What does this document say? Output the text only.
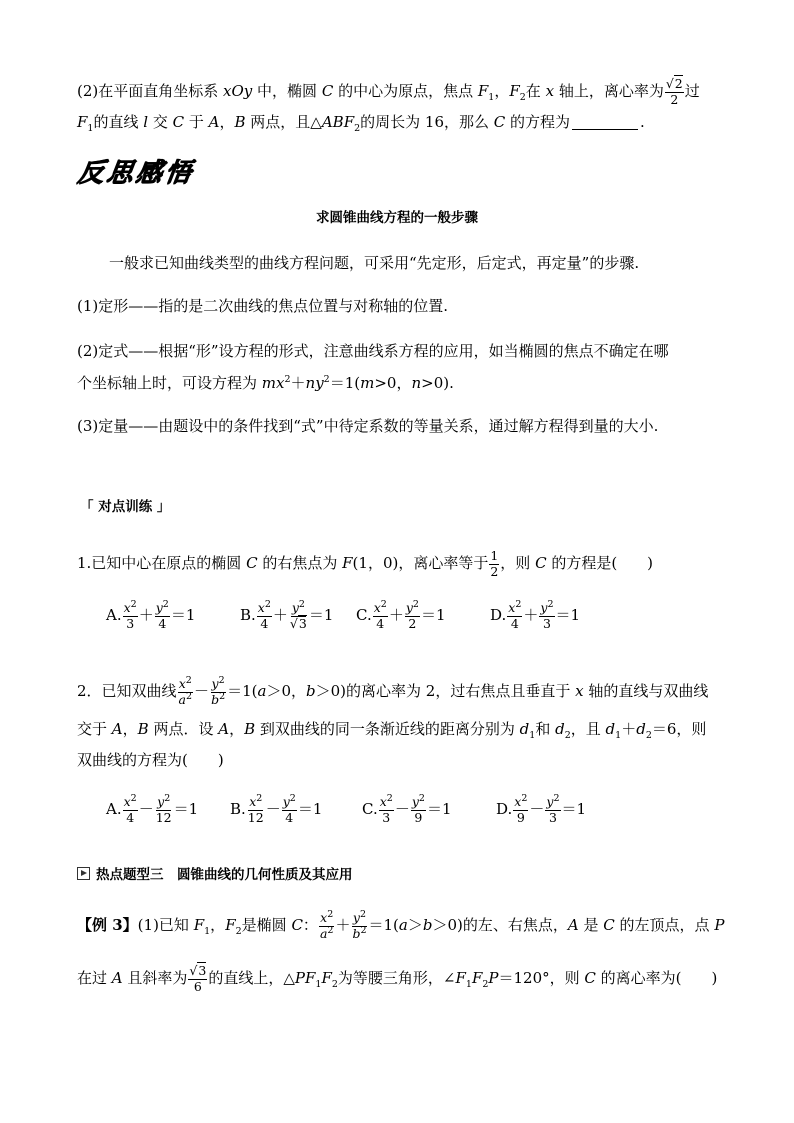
(2)在平面直角坐标系 xOy 中，椭圆 C 的中心为原点，焦点 $F_1$，$F_2$在 x 轴上，离心率为 $\frac{√2}{2}$ 过
$F_1$的直线 l 交 C 于 A，B 两点，且$\triangle ABF_2$的周长为 16，那么 C 的方程为	.
反思感悟
求圆锥曲线方程的一般步骤
一般求已知曲线类型的曲线方程问题，可采用“先定形，后定式，再定量”的步骤.
(1)定形——指的是二次曲线的焦点位置与对称轴的位置.
(2)定式——根据“形”设方程的形式，注意曲线系方程的应用，如当椭圆的焦点不确定在哪
个坐标轴上时，可设方程为 $mx^2+ny^2=1(m>0$，n>0).
(3)定量——由题设中的条件找到“式”中待定系数的等量关系，通过解方程得到量的大小.
「 对点训练 」
1.已知中心在原点的椭圆 C 的右焦点为 F(1，0)，离心率等于 $\frac{1}{2}$ ，则 C 的方程是(　　)
A. $\frac{x^2}{3} + \frac{y^2}{4} =1$	B. $\frac{x^2}{4} + \frac{y^2}{√3} =1$ C. $\frac{x^2}{4} + \frac{y^2}{2} =1$	D. $\frac{x^2}{4} + \frac{y^2}{3} =1$
2．已知双曲线 $\frac{x^2}{a^2} - \frac{y^2}{b^2} =1(a>0$，b＞0)的离心率为 2，过右焦点且垂直于 x 轴的直线与双曲线
交于 A，B 两点．设 A，B 到双曲线的同一条渐近线的距离分别为 $d_1$和 $d_2$，且 $d_1+d_2=6$，则
双曲线的方程为(　　)
A. $\frac{x^2}{4} - \frac{y^2}{12} =1$ B. $\frac{x^2}{12} - \frac{y^2}{4} =1$	C. $\frac{x^2}{3} - \frac{y^2}{9} =1$	D. $\frac{x^2}{9} - \frac{y^2}{3} =1$
热点题型三　圆锥曲线的几何性质及其应用
【例 3】(1)已知 $F_1$，$F_2$是椭圆 C： $\frac{x^2}{a^2} + \frac{y^2}{b^2} =1(a>b>0)$的左、右焦点，A 是 C 的左顶点，点 P
在过 A 且斜率为 $\frac{√3}{6}$ 的直线上，$\triangle PF_1F_2$为等腰三角形，$\angle F_1F_2P=120^\circ$，则 C 的离心率为(　　)
